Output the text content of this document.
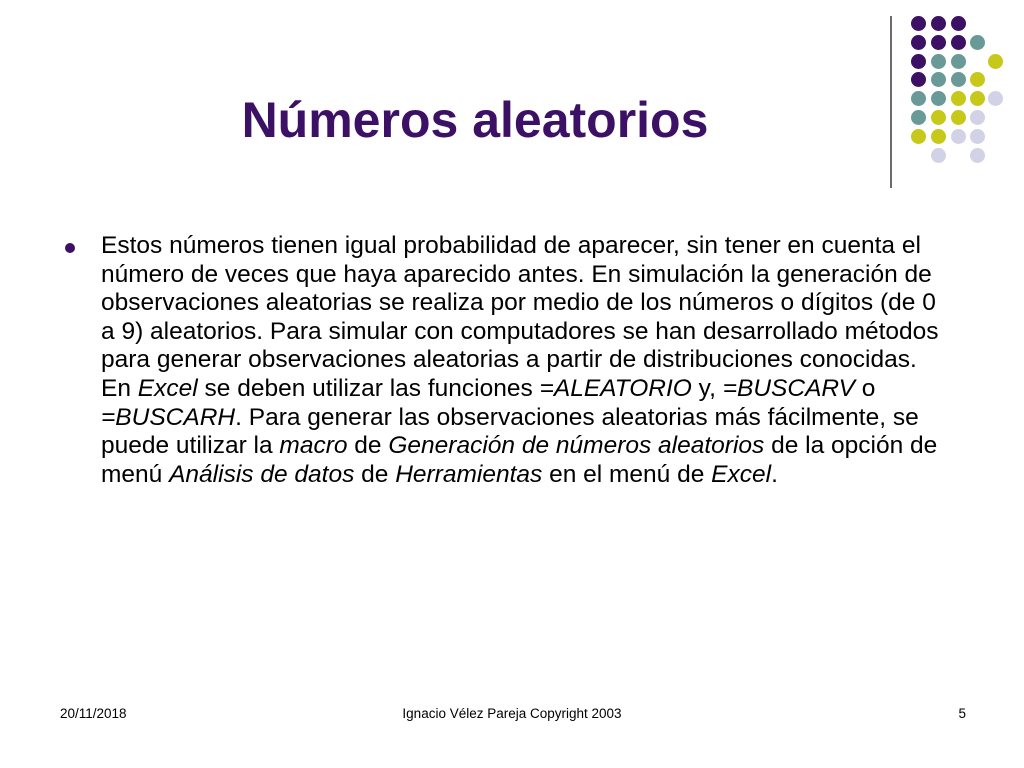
Números aleatorios

Estos números tienen igual probabilidad de aparecer, sin tener en cuenta el número de veces que haya aparecido antes. En simulación la generación de observaciones aleatorias se realiza por medio de los números o dígitos (de 0 a 9) aleatorios. Para simular con computadores se han desarrollado métodos para generar observaciones aleatorias a partir de distribuciones conocidas. En Excel se deben utilizar las funciones =ALEATORIO y, =BUSCARV o =BUSCARH. Para generar las observaciones aleatorias más fácilmente, se puede utilizar la macro de Generación de números aleatorios de la opción de menú Análisis de datos de Herramientas en el menú de Excel.

20/11/2018	Ignacio Vélez Pareja Copyright 2003	5
